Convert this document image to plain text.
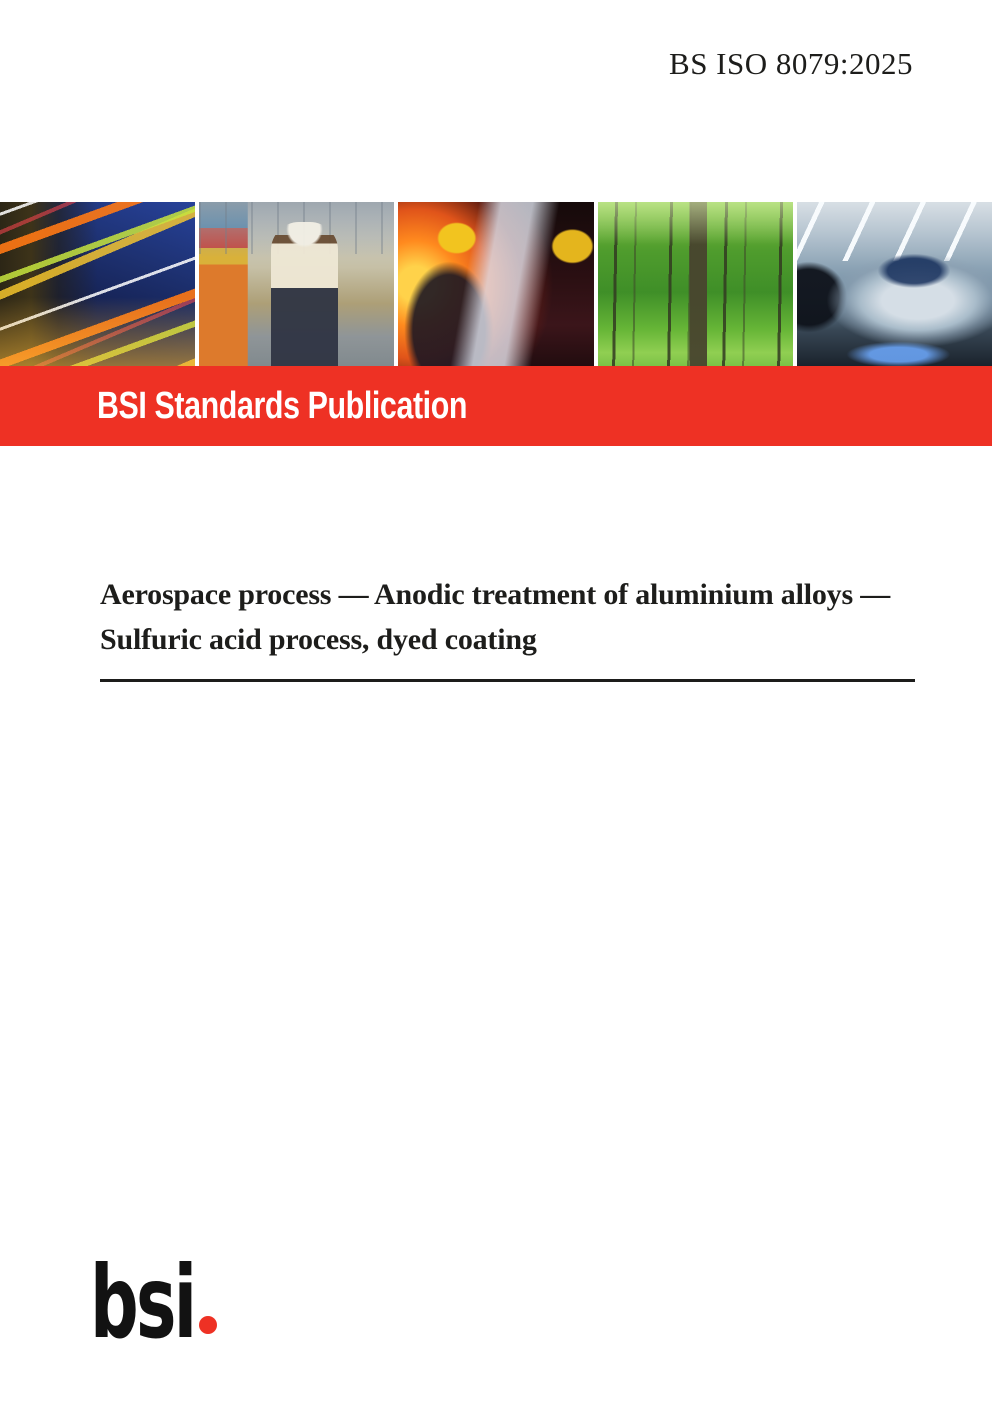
BS ISO 8079:2025
BSI Standards Publication
Aerospace process — Anodic treatment of aluminium alloys — Sulfuric acid process, dyed coating
bsi
